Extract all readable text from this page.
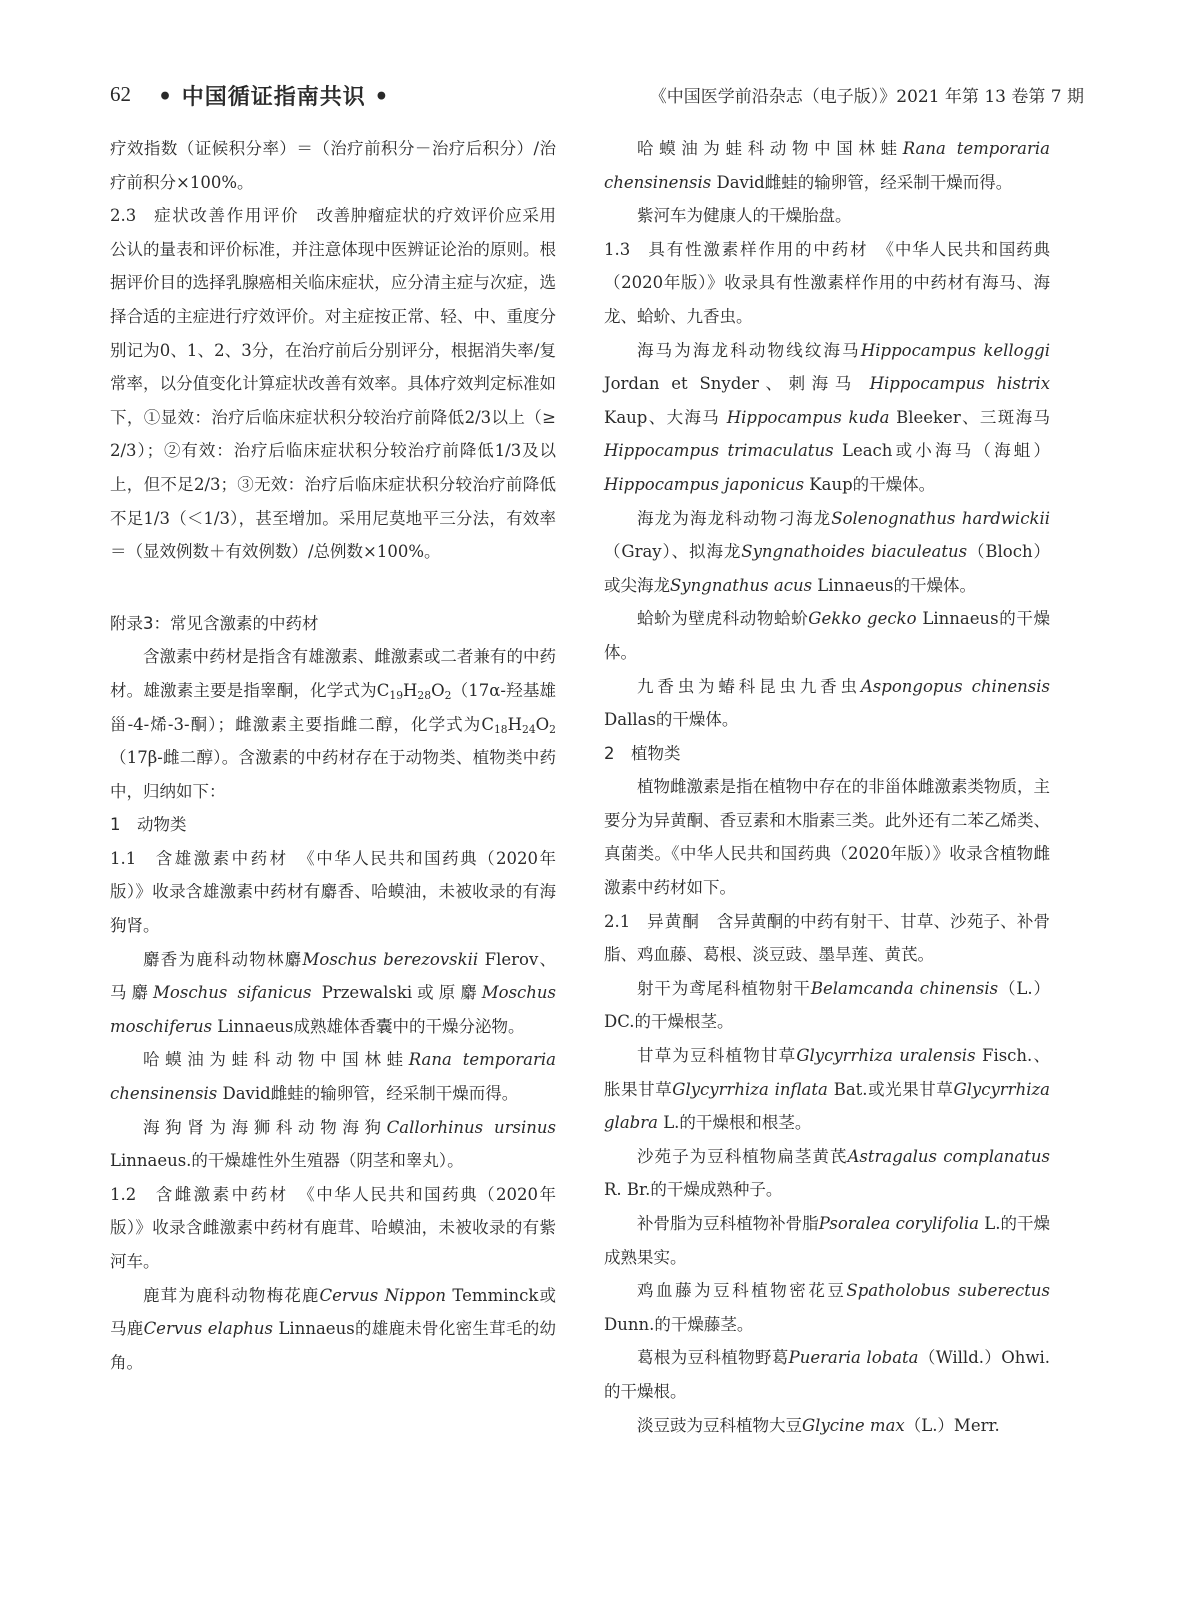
62 • 中国循证指南共识 •	《中国医学前沿杂志（电子版）》2021 年第 13 卷第 7 期

疗效指数（证候积分率）＝（治疗前积分－治疗后积分）/治疗前积分×100%。

2.3　 症状改善作用评价　 改善肿瘤症状的疗效评价应采用公认的量表和评价标准，并注意体现中医辨证论治的原则。根据评价目的选择乳腺癌相关临床症状，应分清主症与次症，选择合适的主症进行疗效评价。对主症按正常、轻、中、重度分别记为0、1、2、3分，在治疗前后分别评分，根据消失率/复常率，以分值变化计算症状改善有效率。具体疗效判定标准如下，①显效：治疗后临床症状积分较治疗前降低2/3以上（≥ 2/3）；②有效：治疗后临床症状积分较治疗前降低1/3及以上，但不足2/3；③无效：治疗后临床症状积分较治疗前降低不足1/3（＜1/3），甚至增加。采用尼莫地平三分法，有效率＝（显效例数＋有效例数）/总例数×100%。

附录3：常见含激素的中药材

含激素中药材是指含有雄激素、雌激素或二者兼有的中药材。雄激素主要是指睾酮，化学式为$C_{19}H_{28}O_2(17\alpha-$羟基雄甾-4-烯-3-酮）；雌激素主要指雌二醇，化学式为$C_{18}H_{24}O_2(17\beta-$雌二醇）。含激素的中药材存在于动物类、植物类中药中，归纳如下：

1　动物类

1.1　 含雄激素中药材　 《中华人民共和国药典（2020年版）》收录含雄激素中药材有麝香、哈蟆油，未被收录的有海狗肾。

麝香为鹿科动物林麝Moschus berezovskii Flerov、马麝Moschus sifanicus Przewalski或原麝Moschus moschiferus Linnaeus成熟雄体香囊中的干燥分泌物。

哈蟆油为蛙科动物中国林蛙Rana temporaria chensinensis David雌蛙的输卵管，经采制干燥而得。

海狗肾为海狮科动物海狗Callorhinus ursinus Linnaeus.的干燥雄性外生殖器（阴茎和睾丸）。

1.2　 含雌激素中药材　 《中华人民共和国药典（2020年版）》收录含雌激素中药材有鹿茸、哈蟆油，未被收录的有紫河车。

鹿茸为鹿科动物梅花鹿Cervus Nippon Temminck或马鹿Cervus elaphus Linnaeus的雄鹿未骨化密生茸毛的幼角。

哈蟆油为蛙科动物中国林蛙Rana temporaria chensinensis David雌蛙的输卵管，经采制干燥而得。

紫河车为健康人的干燥胎盘。

1.3　 具有性激素样作用的中药材　 《中华人民共和国药典（2020年版）》收录具有性激素样作用的中药材有海马、海龙、蛤蚧、九香虫。

海马为海龙科动物线纹海马Hippocampus kelloggi Jordan et Snyder、刺海马 Hippocampus histrix Kaup、大海马 Hippocampus kuda Bleeker、三斑海马Hippocampus trimaculatus Leach或小海马（海蛆）Hippocampus japonicus Kaup的干燥体。

海龙为海龙科动物刁海龙Solenognathus hardwickii（Gray）、拟海龙Syngnathoides biaculeatus（Bloch）或尖海龙Syngnathus acus Linnaeus的干燥体。

蛤蚧为壁虎科动物蛤蚧Gekko gecko Linnaeus的干燥体。

九香虫为蝽科昆虫九香虫Aspongopus chinensis Dallas的干燥体。

2　植物类

植物雌激素是指在植物中存在的非甾体雌激素类物质，主要分为异黄酮、香豆素和木脂素三类。此外还有二苯乙烯类、真菌类。《中华人民共和国药典（2020年版）》收录含植物雌激素中药材如下。

2.1　 异黄酮　 含异黄酮的中药有射干、甘草、沙苑子、补骨脂、鸡血藤、葛根、淡豆豉、墨旱莲、黄芪。

射干为鸢尾科植物射干Belamcanda chinensis（L.）DC.的干燥根茎。

甘草为豆科植物甘草Glycyrrhiza uralensis Fisch.、胀果甘草Glycyrrhiza inflata Bat.或光果甘草Glycyrrhiza glabra L.的干燥根和根茎。

沙苑子为豆科植物扁茎黄芪Astragalus complanatus R. Br.的干燥成熟种子。

补骨脂为豆科植物补骨脂Psoralea corylifolia L.的干燥成熟果实。

鸡血藤为豆科植物密花豆Spatholobus suberectus Dunn.的干燥藤茎。

葛根为豆科植物野葛Pueraria lobata（Willd.）Ohwi.的干燥根。

淡豆豉为豆科植物大豆Glycine max（L.）Merr.
